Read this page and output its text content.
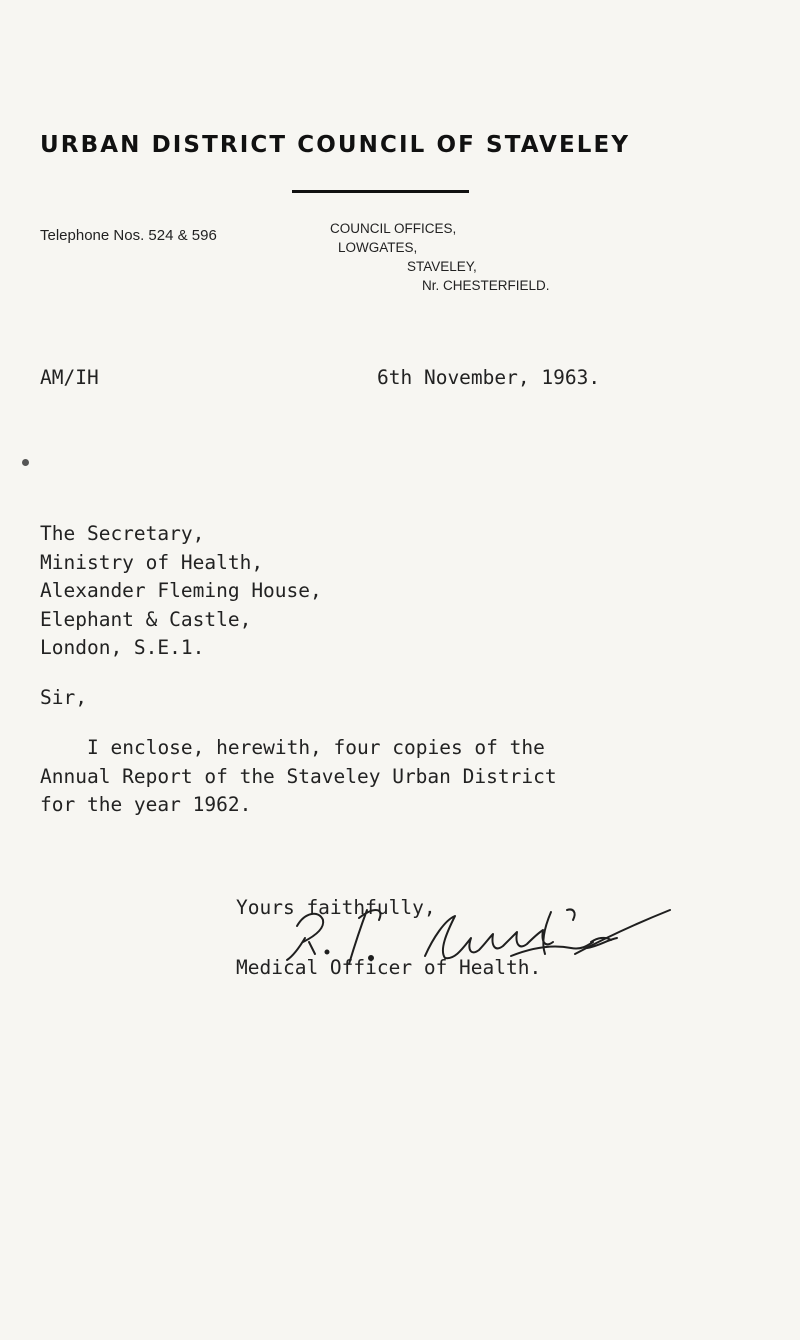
URBAN DISTRICT COUNCIL OF STAVELEY
Telephone Nos. 524 & 596	COUNCIL OFFICES,
LOWGATES,
STAVELEY,
Nr. CHESTERFIELD.
AM/IH	6th November, 1963.
The Secretary,
Ministry of Health,
Alexander Fleming House,
Elephant & Castle,
London, S.E.1.
Sir,
I enclose, herewith, four copies of the
Annual Report of the Staveley Urban District
for the year 1962.
Yours faithfully,
Medical Officer of Health.
